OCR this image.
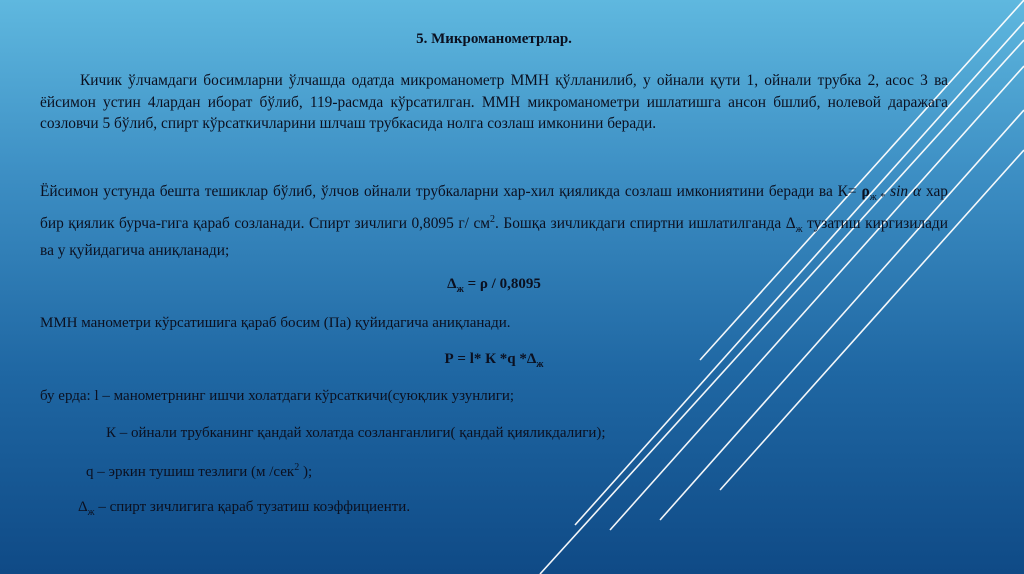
5. Микроманометрлар.
Кичик ўлчамдаги босимларни ўлчашда одатда микроманометр ММН қўлланилиб, у ойнали қути 1, ойнали трубка 2, асос 3 ва ёйсимон устин 4лардан иборат бўлиб, 119-расмда кўрсатилган. ММН микроманометри ишлатишга ансон бшлиб, нолевой даражага созловчи 5 бўлиб, спирт кўрсаткичларини шлчаш трубкасида нолга созлаш имконини беради.
Ёйсимон устунда бешта тешиклар бўлиб, ўлчов ойнали трубкаларни хар-хил қияликда созлаш имкониятини беради ва $К= \rho_{ж *}$ sin α хар бир қиялик бурча-гига қараб созланади. Спирт зичлиги 0,8095 г/ $см^2$. Бошқа зичликдаги спиртни ишлатилганда $\Delta_ж$ тузатиш киргизилади ва у қуйидагича аниқланади;
$\Delta_ж = \rho / 0,8095$
ММН манометри кўрсатишига қараб босим (Па) қуйидагича аниқланади.
Р = l* К *q $*\Delta_ж$
бу ерда: l – манометрнинг ишчи холатдаги кўрсаткичи(суюқлик узунлиги;
К – ойнали трубканинг қандай холатда созланганлиги( қандай қияликдалиги);
q – эркин тушиш тезлиги (м /сек$^2$ );
$\Delta_ж$ – спирт зичлигига қараб тузатиш коэффициенти.
